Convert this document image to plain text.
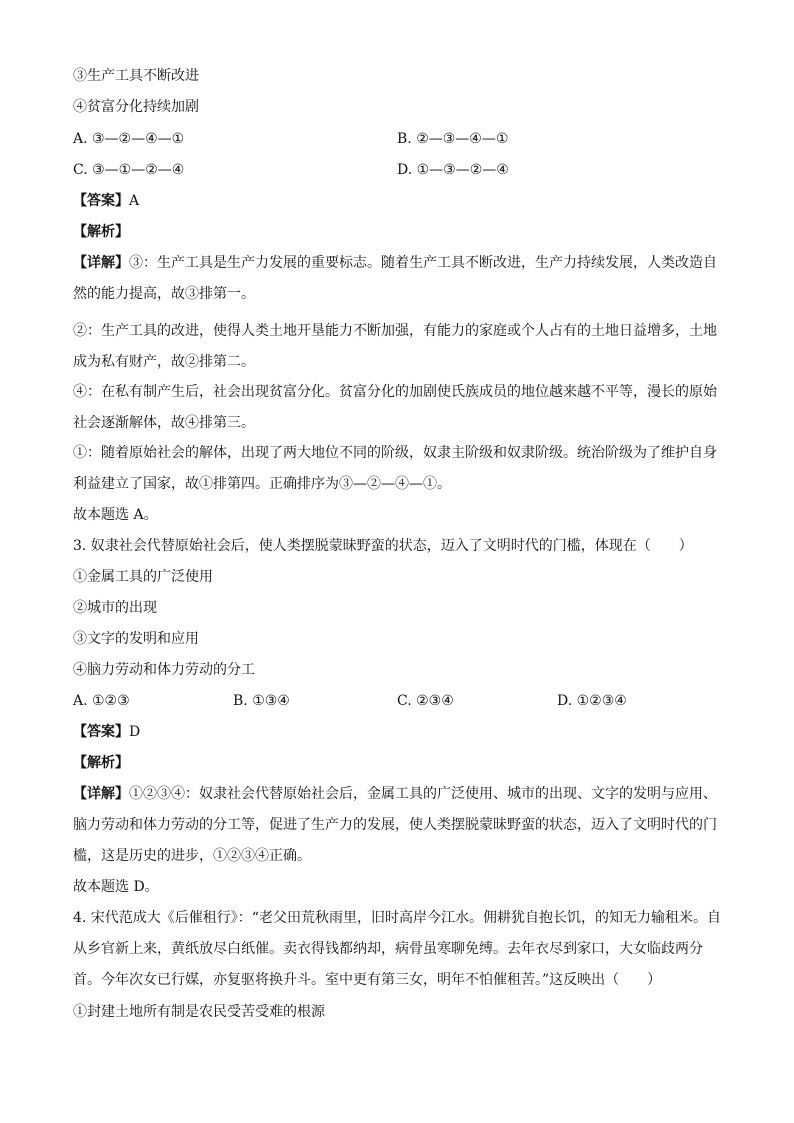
③生产工具不断改进
④贫富分化持续加剧
A. ③—②—④—①	B. ②—③—④—①
C. ③—①—②—④	D. ①—③—②—④
【答案】A
【解析】
【详解】③：生产工具是生产力发展的重要标志。随着生产工具不断改进，生产力持续发展，人类改造自然的能力提高，故③排第一。
②：生产工具的改进，使得人类土地开垦能力不断加强，有能力的家庭或个人占有的土地日益增多，土地成为私有财产，故②排第二。
④：在私有制产生后，社会出现贫富分化。贫富分化的加剧使氏族成员的地位越来越不平等，漫长的原始社会逐渐解体，故④排第三。
①：随着原始社会的解体，出现了两大地位不同的阶级，奴隶主阶级和奴隶阶级。统治阶级为了维护自身利益建立了国家，故①排第四。正确排序为③—②—④—①。
故本题选 A。
3. 奴隶社会代替原始社会后，使人类摆脱蒙昧野蛮的状态，迈入了文明时代的门槛，体现在（　　）
①金属工具的广泛使用
②城市的出现
③文字的发明和应用
④脑力劳动和体力劳动的分工
A. ①②③	B. ①③④	C. ②③④	D. ①②③④
【答案】D
【解析】
【详解】①②③④：奴隶社会代替原始社会后，金属工具的广泛使用、城市的出现、文字的发明与应用、脑力劳动和体力劳动的分工等，促进了生产力的发展，使人类摆脱蒙昧野蛮的状态，迈入了文明时代的门槛，这是历史的进步，①②③④正确。
故本题选 D。
4. 宋代范成大《后催租行》：“老父田荒秋雨里，旧时高岸今江水。佣耕犹自抱长饥，的知无力输租米。自从乡官新上来，黄纸放尽白纸催。卖衣得钱都纳却，病骨虽寒聊免缚。去年衣尽到家口，大女临歧两分首。今年次女已行媒，亦复驱将换升斗。室中更有第三女，明年不怕催租苦。”这反映出（　　）
①封建土地所有制是农民受苦受难的根源
